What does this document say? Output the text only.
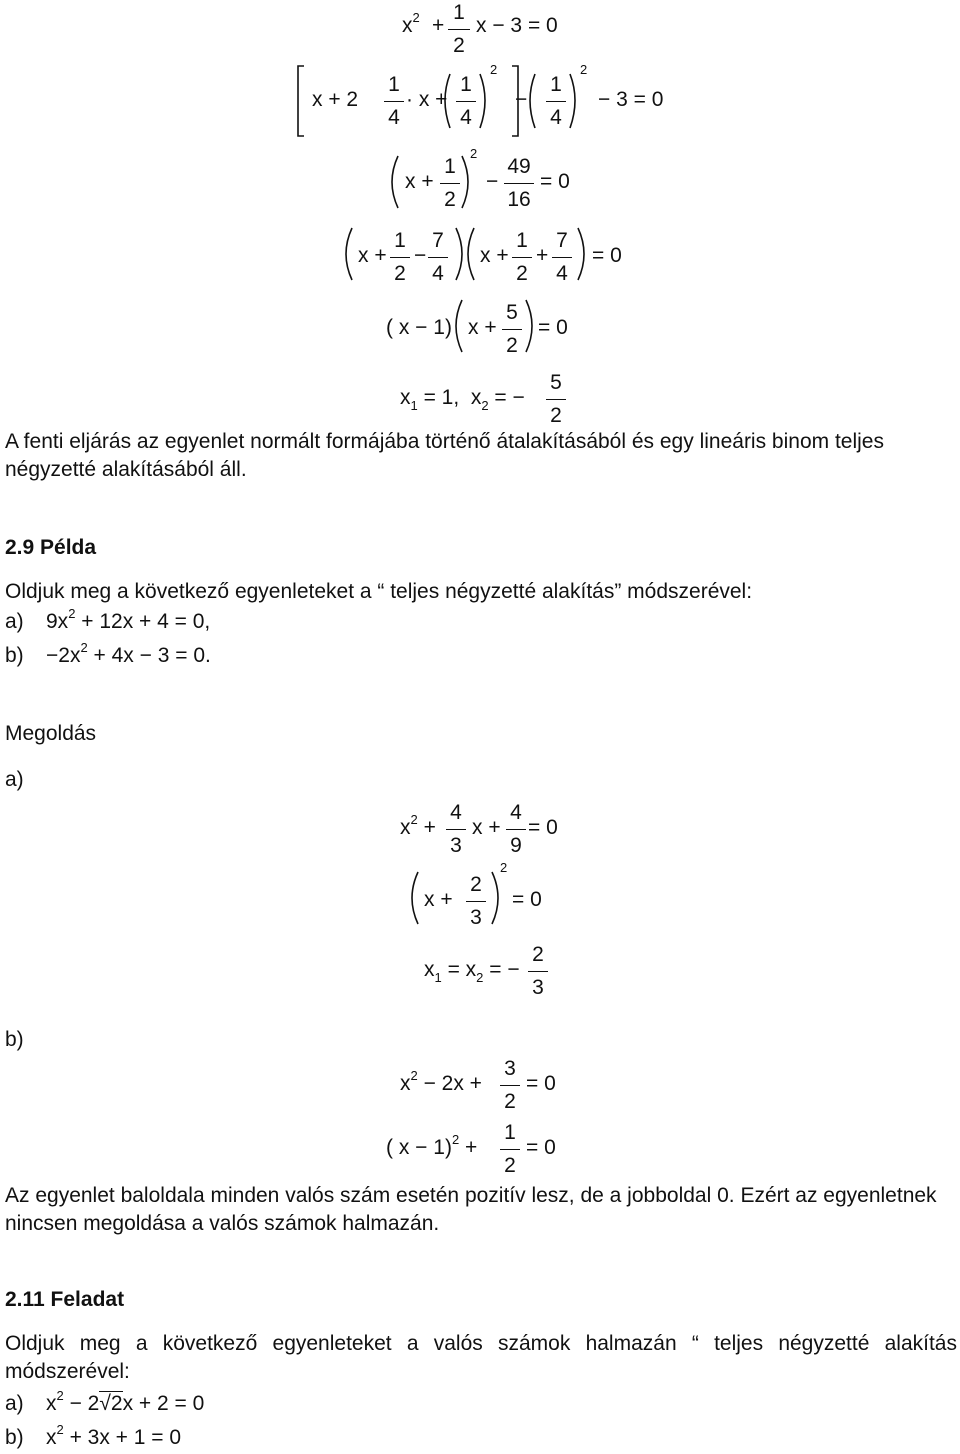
$x^2$ +
1
2
x − 3 = 0
x + 2
1
4
· x +
1
4
2
−
1
4
2
− 3 = 0
x +
1
2
2
−
49
16
= 0
x +
1
2
−
7
4
x +
1
2
+
7
4
= 0
( x − 1) x +
5
2
= 0
$x_1 = 1$,  $x_2$ = −
5
2
A fenti eljárás az egyenlet normált formájába történő átalakításából és egy lineáris binom teljes négyzetté alakításából áll.
2.9 Példa
Oldjuk meg a következő egyenleteket a “ teljes négyzetté alakítás” módszerével:
a) $9x^2 + 12x + 4 = 0$,
$b) -2x^2 + 4x - 3 = 0$.
Megoldás
a)
$x^2$ +
4
3
x +
4
9
= 0
x +
2
3
2
= 0
$x_1 = x_2$ = −
2
3
b)
$x^2 - 2x$ +
3
2
= 0
( x − 1)$^2$ +
1
2
= 0
Az egyenlet baloldala minden valós szám esetén pozitív lesz, de a jobboldal 0. Ezért az egyenletnek nincsen megoldása a valós számok halmazán.
2.11 Feladat
Oldjuk meg a következő egyenleteket a valós számok halmazán “ teljes négyzetté alakítás módszerével:
a) $x^2 - 2√2x + 2 = 0$
b) $x^2 + 3x + 1 = 0$
